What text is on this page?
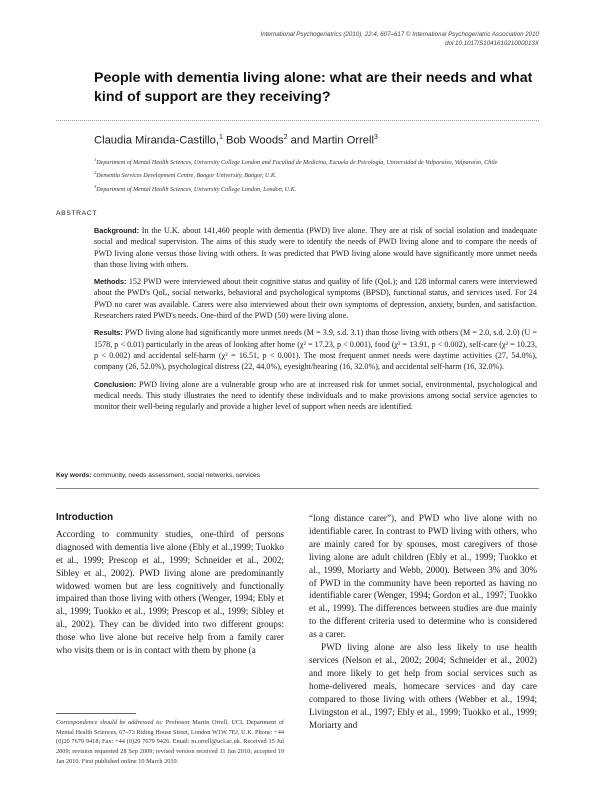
International Psychogeriatrics (2010), 22:4, 607–617 © International Psychogeriatric Association 2010
doi:10.1017/S104161021000013X
People with dementia living alone: what are their needs and what kind of support are they receiving?
Claudia Miranda-Castillo,$^1$ Bob Woods$^2$ and Martin Orrell$^3$
$^1$Department of Mental Health Sciences, University College London and Facultad de Medicina, Escuela de Psicología, Universidad de Valparaíso, Valparaíso, Chile
$^2$Dementia Services Development Centre, Bangor University, Bangor, U.K.
$^3$Department of Mental Health Sciences, University College London, London, U.K.
ABSTRACT

Background: In the U.K. about 141,460 people with dementia (PWD) live alone. They are at risk of social isolation and inadequate social and medical supervision. The aims of this study were to identify the needs of PWD living alone and to compare the needs of PWD living alone versus those living with others. It was predicted that PWD living alone would have significantly more unmet needs than those living with others.

Methods: 152 PWD were interviewed about their cognitive status and quality of life (QoL); and 128 informal carers were interviewed about the PWD's QoL, social networks, behavioral and psychological symptoms (BPSD), functional status, and services used. For 24 PWD no carer was available. Carers were also interviewed about their own symptoms of depression, anxiety, burden, and satisfaction. Researchers rated PWD's needs. One-third of the PWD (50) were living alone.

Results: PWD living alone had significantly more unmet needs (M = 3.9, s.d. 3.1) than those living with others (M = 2.0, s.d. 2.0) (U = 1578, p < 0.01) particularly in the areas of looking after home (χ² = 17.23, p < 0.001), food (χ² = 13.91, p < 0.002), self-care (χ² = 10.23, p < 0.002) and accidental self-harm (χ² = 16.51, p < 0.001). The most frequent unmet needs were daytime activities (27, 54.0%), company (26, 52.0%), psychological distress (22, 44.0%), eyesight/hearing (16, 32.0%), and accidental self-harm (16, 32.0%).

Conclusion: PWD living alone are a vulnerable group who are at increased risk for unmet social, environmental, psychological and medical needs. This study illustrates the need to identify these individuals and to make provisions among social service agencies to monitor their well-being regularly and provide a higher level of support when needs are identified.

Key words: community, needs assessment, social networks, services
Introduction

According to community studies, one-third of persons diagnosed with dementia live alone (Ebly et al.,1999; Tuokko et al., 1999; Prescop et al., 1999; Schneider et al., 2002; Sibley et al., 2002). PWD living alone are predominantly widowed women but are less cognitively and functionally impaired than those living with others (Wenger, 1994; Ebly et al., 1999; Tuokko et al., 1999; Prescop et al., 1999; Sibley et al., 2002). They can be divided into two different groups: those who live alone but receive help from a family carer who visits them or is in contact with them by phone (a

“long distance carer”), and PWD who live alone with no identifiable carer. In contrast to PWD living with others, who are mainly cared for by spouses, most caregivers of those living alone are adult children (Ebly et al., 1999; Tuokko et al., 1999, Moriarty and Webb, 2000). Between 3% and 30% of PWD in the community have been reported as having no identifiable carer (Wenger, 1994; Gordon et al., 1997; Tuokko et al., 1999). The differences between studies are due mainly to the different criteria used to determine who is considered as a carer.

PWD living alone are also less likely to use health services (Nelson et al., 2002; 2004; Schneider et al., 2002) and more likely to get help from social services such as home-delivered meals, homecare services and day care compared to those living with others (Webber et al., 1994; Livingston et al., 1997; Ebly et al., 1999; Tuokko et al., 1999; Moriarty and

Correspondence should be addressed to: Professor Martin Orrell, UCL Department of Mental Health Sciences, 67–73 Riding House Street, London W1W 7EJ, U.K. Phone: +44 (0)20 7679 9418; Fax: +44 (0)20 7679 9426. Email: m.orrell@ucl.ac.uk. Received 15 Jul 2009; revision requested 28 Sep 2009; revised version received 11 Jan 2010; accepted 19 Jan 2010. First published online 10 March 2010.
